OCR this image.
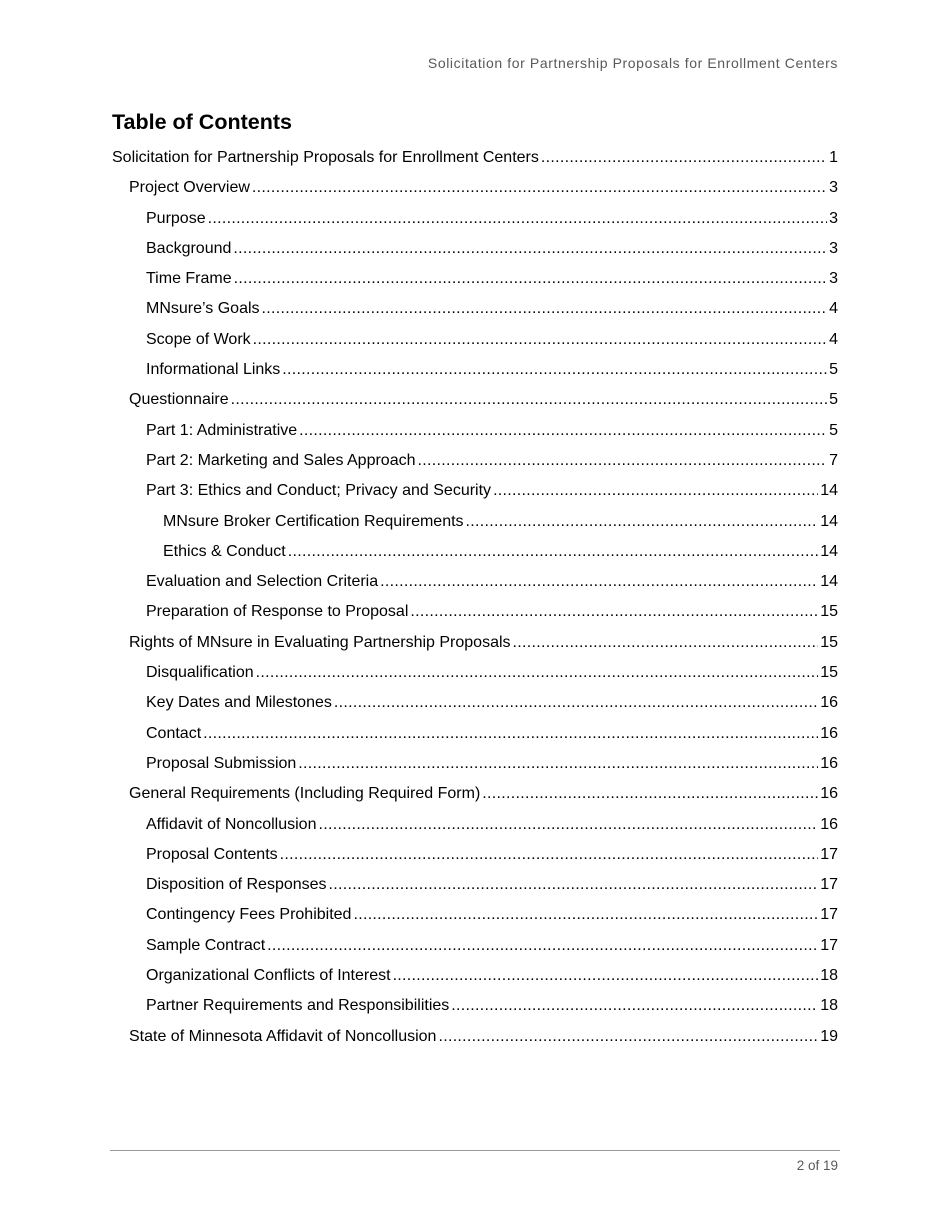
Solicitation for Partnership Proposals for Enrollment Centers
Table of Contents
Solicitation for Partnership Proposals for Enrollment Centers .....	1
Project Overview .....	3
Purpose .....	3
Background .....	3
Time Frame .....	3
MNsure’s Goals .....	4
Scope of Work .....	4
Informational Links .....	5
Questionnaire .....	5
Part 1: Administrative .....	5
Part 2: Marketing and Sales Approach .....	7
Part 3: Ethics and Conduct; Privacy and Security .....	14
MNsure Broker Certification Requirements .....	14
Ethics & Conduct .....	14
Evaluation and Selection Criteria .....	14
Preparation of Response to Proposal .....	15
Rights of MNsure in Evaluating Partnership Proposals .....	15
Disqualification .....	15
Key Dates and Milestones .....	16
Contact .....	16
Proposal Submission .....	16
General Requirements (Including Required Form) .....	16
Affidavit of Noncollusion .....	16
Proposal Contents .....	17
Disposition of Responses .....	17
Contingency Fees Prohibited .....	17
Sample Contract .....	17
Organizational Conflicts of Interest .....	18
Partner Requirements and Responsibilities .....	18
State of Minnesota Affidavit of Noncollusion .....	19
2 of 19
